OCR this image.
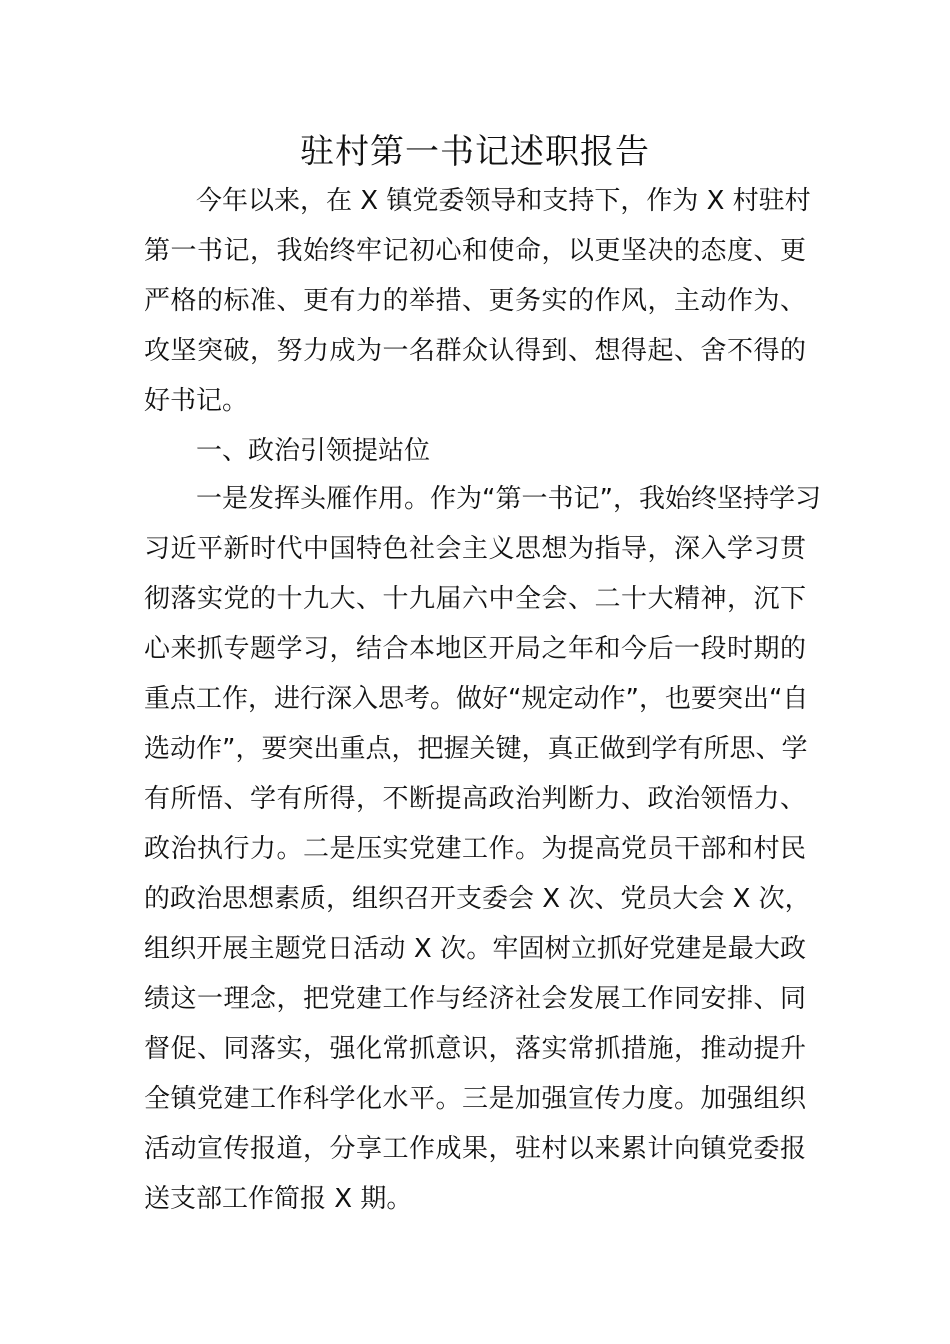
驻村第一书记述职报告

今年以来，在 X 镇党委领导和支持下，作为 X 村驻村

第一书记，我始终牢记初心和使命，以更坚决的态度、更

严格的标准、更有力的举措、更务实的作风，主动作为、

攻坚突破，努力成为一名群众认得到、想得起、舍不得的

好书记。

一、政治引领提站位

一是发挥头雁作用。作为“第一书记”，我始终坚持学习

习近平新时代中国特色社会主义思想为指导，深入学习贯

彻落实党的十九大、十九届六中全会、二十大精神，沉下

心来抓专题学习，结合本地区开局之年和今后一段时期的

重点工作，进行深入思考。做好“规定动作”，也要突出“自

选动作”，要突出重点，把握关键，真正做到学有所思、学

有所悟、学有所得，不断提高政治判断力、政治领悟力、

政治执行力。二是压实党建工作。为提高党员干部和村民

的政治思想素质，组织召开支委会 X 次、党员大会 X 次，

组织开展主题党日活动 X 次。牢固树立抓好党建是最大政

绩这一理念，把党建工作与经济社会发展工作同安排、同

督促、同落实，强化常抓意识，落实常抓措施，推动提升

全镇党建工作科学化水平。三是加强宣传力度。加强组织

活动宣传报道，分享工作成果，驻村以来累计向镇党委报

送支部工作简报 X 期。
